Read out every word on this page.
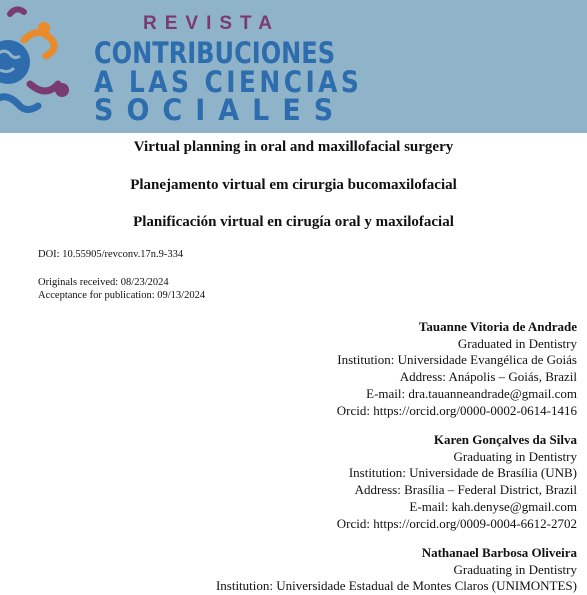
REVISTA
CONTRIBUCIONES
A LAS CIENCIAS
SOCIALES
Virtual planning in oral and maxillofacial surgery
Planejamento virtual em cirurgia bucomaxilofacial
Planificación virtual en cirugía oral y maxilofacial
DOI: 10.55905/revconv.17n.9-334
Originals received: 08/23/2024
Acceptance for publication: 09/13/2024
Tauanne Vitoria de Andrade
Graduated in Dentistry
Institution: Universidade Evangélica de Goiás
Address: Anápolis – Goiás, Brazil
E-mail: dra.tauanneandrade@gmail.com
Orcid: https://orcid.org/0000-0002-0614-1416
Karen Gonçalves da Silva
Graduating in Dentistry
Institution: Universidade de Brasília (UNB)
Address: Brasília – Federal District, Brazil
E-mail: kah.denyse@gmail.com
Orcid: https://orcid.org/0009-0004-6612-2702
Nathanael Barbosa Oliveira
Graduating in Dentistry
Institution: Universidade Estadual de Montes Claros (UNIMONTES)
